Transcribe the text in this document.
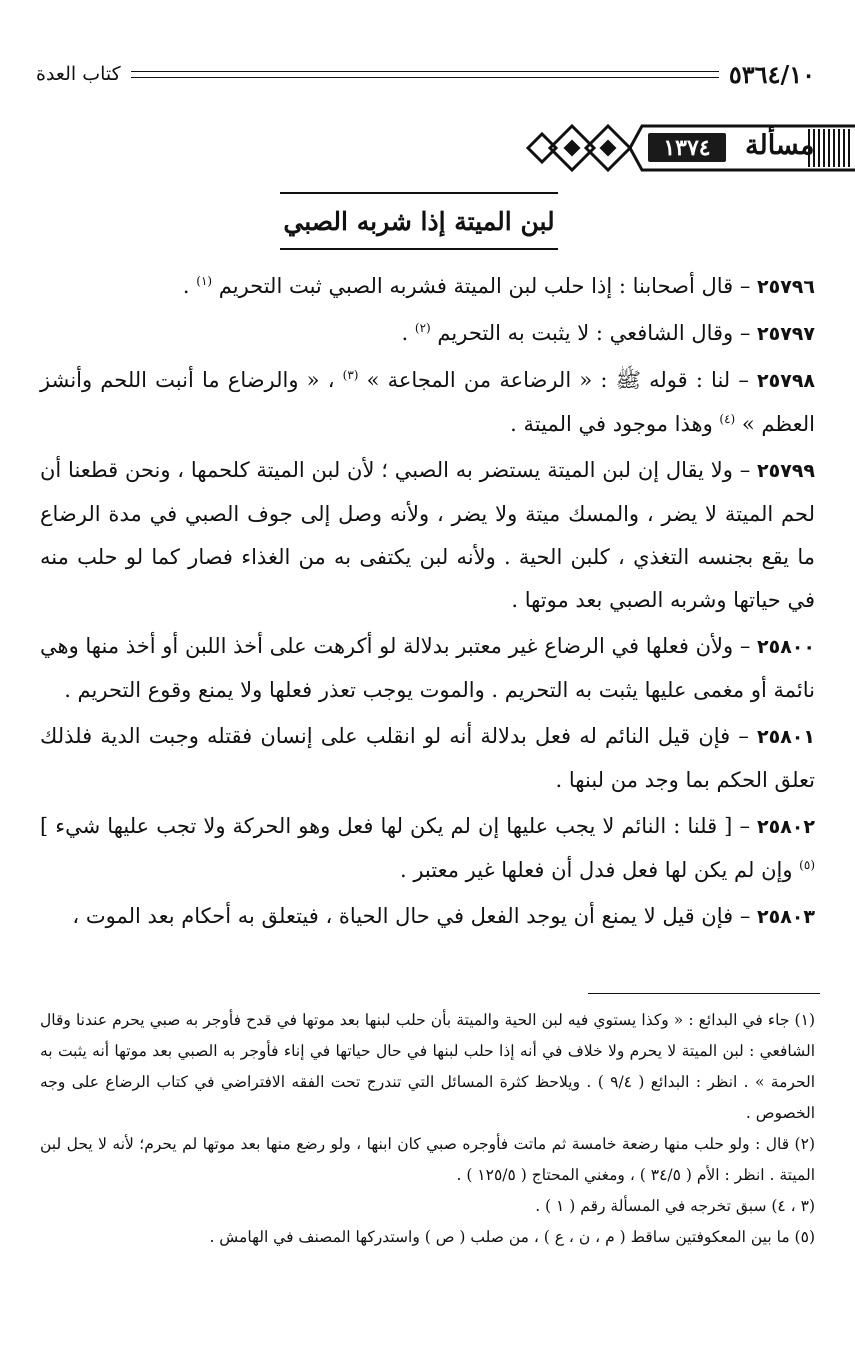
كتاب العدة	٥٣٦٤/١٠
مسألة
١٣٧٤
لبن الميتة إذا شربه الصبي

٢٥٧٩٦ – قال أصحابنا : إذا حلب لبن الميتة فشربه الصبي ثبت التحريم $^{(١)}$ .

٢٥٧٩٧ – وقال الشافعي : لا يثبت به التحريم $^{(٢)}$ .

٢٥٧٩٨ – لنا : قوله ﷺ : « الرضاعة من المجاعة » $^{(٣)}$ ، « والرضاع ما أنبت اللحم وأنشز العظم » $^{(٤)}$ وهذا موجود في الميتة .

٢٥٧٩٩ – ولا يقال إن لبن الميتة يستضر به الصبي ؛ لأن لبن الميتة كلحمها ، ونحن قطعنا أن لحم الميتة لا يضر ، والمسك ميتة ولا يضر ، ولأنه وصل إلى جوف الصبي في مدة الرضاع ما يقع بجنسه التغذي ، كلبن الحية . ولأنه لبن يكتفى به من الغذاء فصار كما لو حلب منه في حياتها وشربه الصبي بعد موتها .

٢٥٨٠٠ – ولأن فعلها في الرضاع غير معتبر بدلالة لو أكرهت على أخذ اللبن أو أخذ منها وهي نائمة أو مغمى عليها يثبت به التحريم . والموت يوجب تعذر فعلها ولا يمنع وقوع التحريم .

٢٥٨٠١ – فإن قيل النائم له فعل بدلالة أنه لو انقلب على إنسان فقتله وجبت الدية فلذلك تعلق الحكم بما وجد من لبنها .

٢٥٨٠٢ – [ قلنا : النائم لا يجب عليها إن لم يكن لها فعل وهو الحركة ولا تجب عليها شيء ] $^{(٥)}$ وإن لم يكن لها فعل فدل أن فعلها غير معتبر .

٢٥٨٠٣ – فإن قيل لا يمنع أن يوجد الفعل في حال الحياة ، فيتعلق به أحكام بعد الموت ،

(١) جاء في البدائع : « وكذا يستوي فيه لبن الحية والميتة بأن حلب لبنها بعد موتها في قدح فأوجر به صبي يحرم عندنا وقال الشافعي : لبن الميتة لا يحرم ولا خلاف في أنه إذا حلب لبنها في حال حياتها في إناء فأوجر به الصبي بعد موتها أنه يثبت به الحرمة » . انظر : البدائع ( ٩/٤ ) . ويلاحظ كثرة المسائل التي تندرج تحت الفقه الافتراضي في كتاب الرضاع على وجه الخصوص .

(٢) قال : ولو حلب منها رضعة خامسة ثم ماتت فأوجره صبي كان ابنها ، ولو رضع منها بعد موتها لم يحرم؛ لأنه لا يحل لبن الميتة . انظر : الأم ( ٣٤/٥ ) ، ومغني المحتاج ( ١٢٥/٥ ) .

(٣ ، ٤) سبق تخرجه في المسألة رقم ( ١ ) .

(٥) ما بين المعكوفتين ساقط ( م ، ن ، ع ) ، من صلب ( ص ) واستدركها المصنف في الهامش .
